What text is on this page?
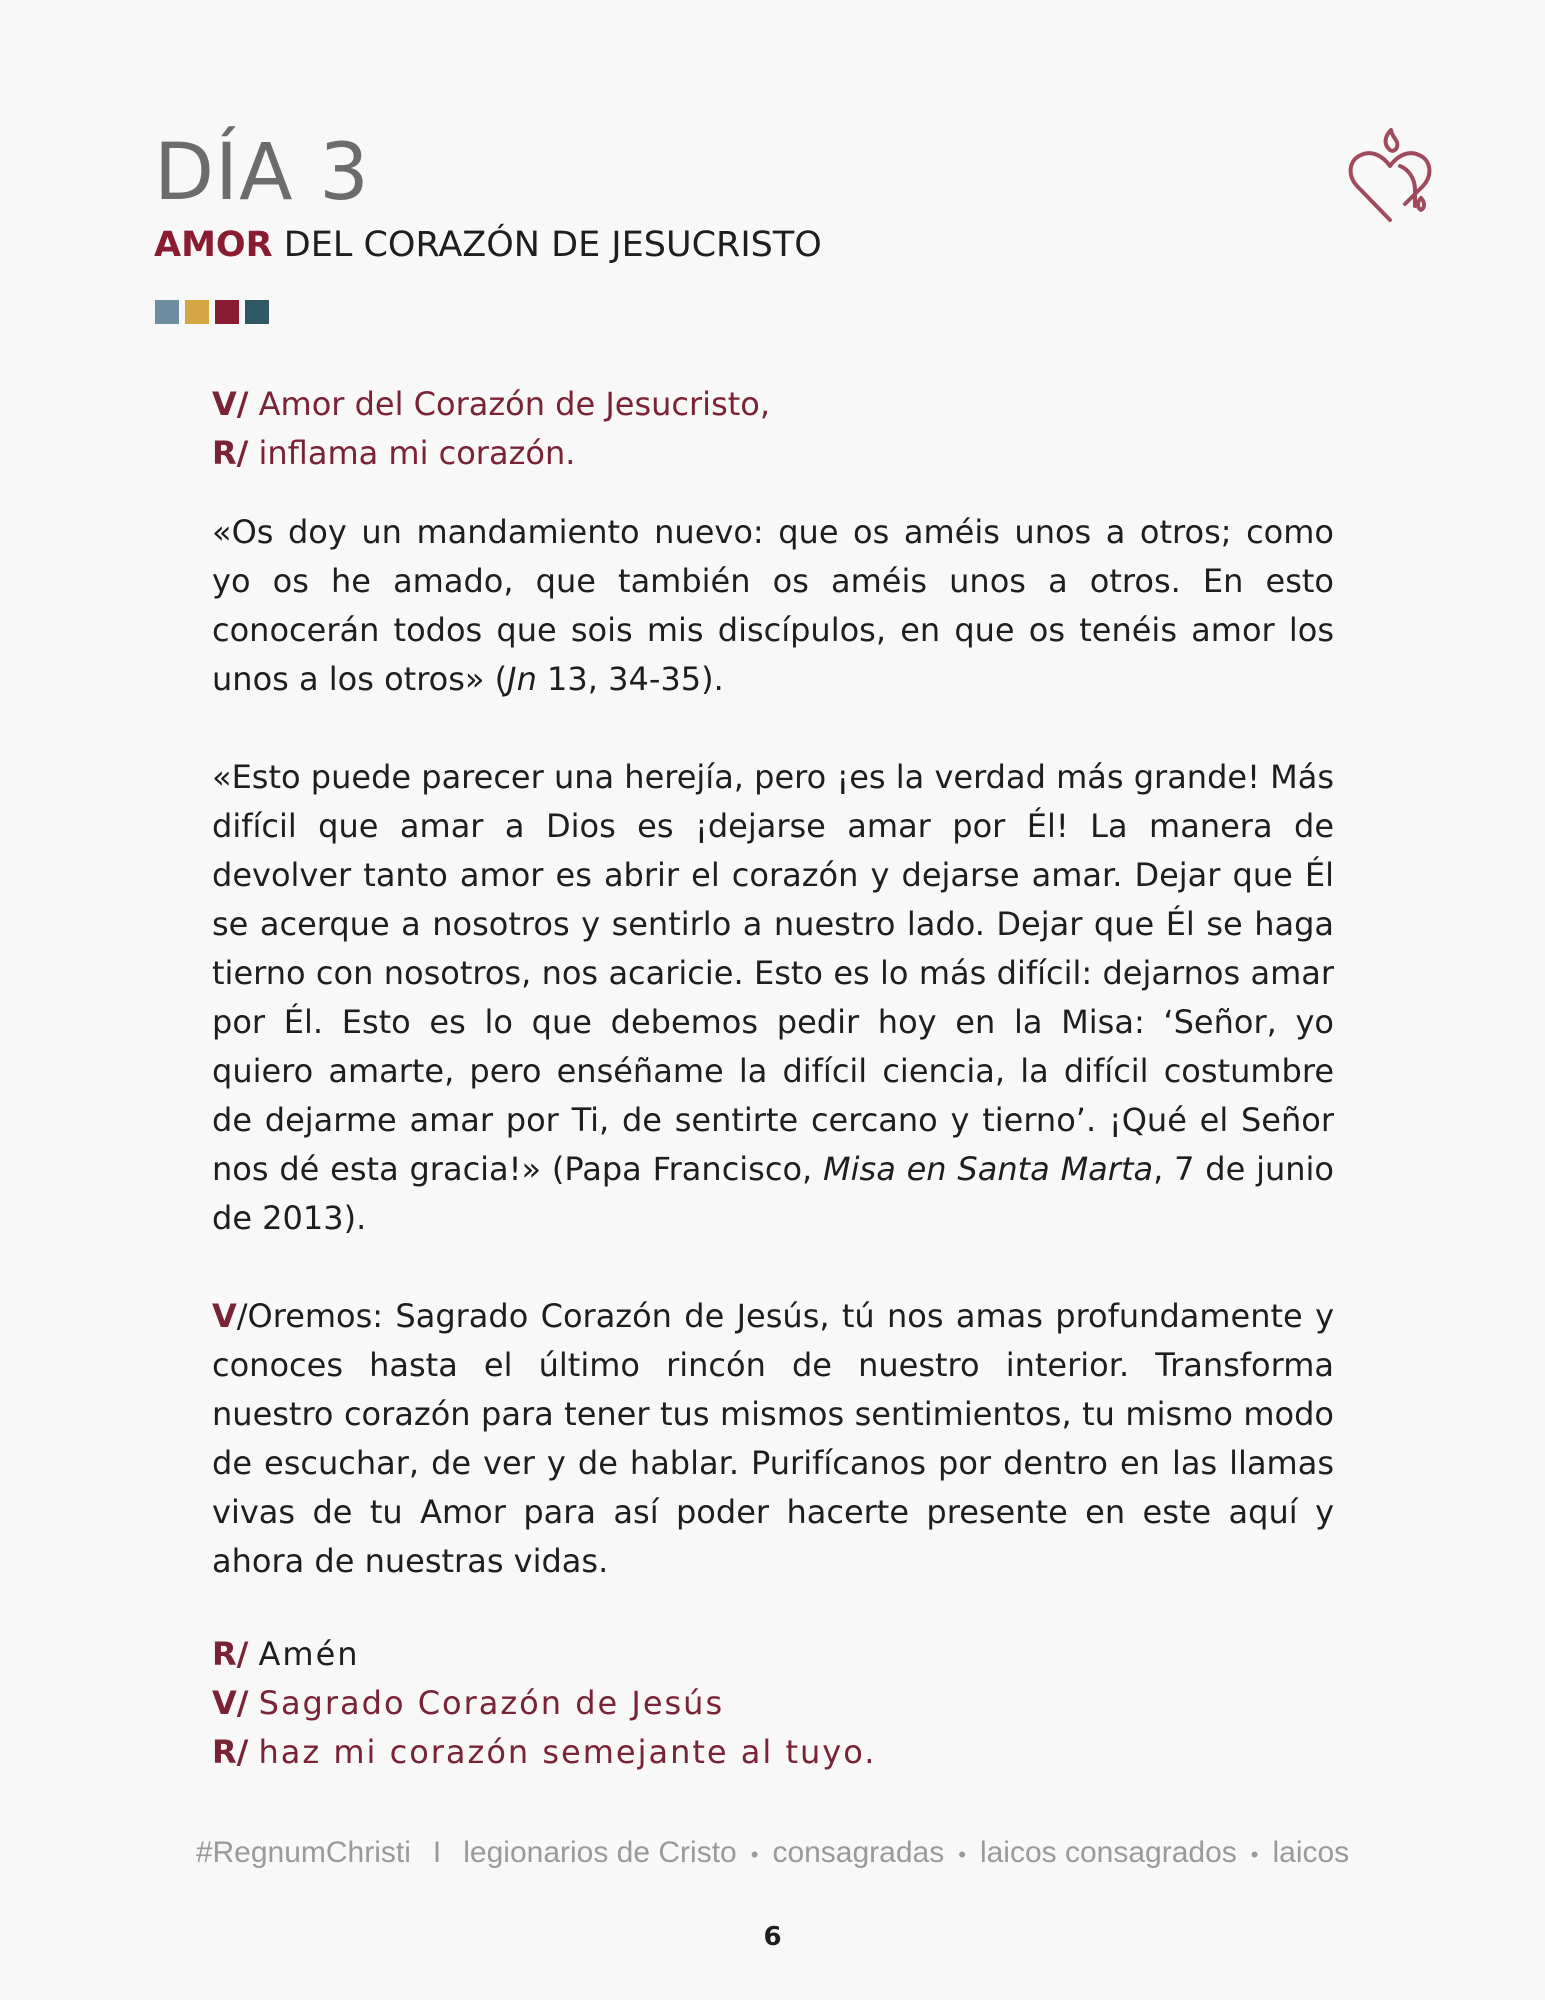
DÍA 3
AMOR DEL CORAZÓN DE JESUCRISTO

V/ Amor del Corazón de Jesucristo,

R/ inflama mi corazón.

«Os doy un mandamiento nuevo: que os améis unos a otros; como yo os he amado, que también os améis unos a otros. En esto conocerán todos que sois mis discípulos, en que os tenéis amor los unos a los otros» (Jn 13, 34-35).

«Esto puede parecer una herejía, pero ¡es la verdad más grande! Más difícil que amar a Dios es ¡dejarse amar por Él! La manera de devolver tanto amor es abrir el corazón y dejarse amar. Dejar que Él se acerque a nosotros y sentirlo a nuestro lado. Dejar que Él se haga tierno con nosotros, nos acaricie. Esto es lo más difícil: dejarnos amar por Él. Esto es lo que debemos pedir hoy en la Misa: ‘Señor, yo quiero amarte, pero enséñame la difícil ciencia, la difícil costumbre de dejarme amar por Ti, de sentirte cercano y tierno’. ¡Qué el Señor nos dé esta gracia!» (Papa Francisco, Misa en Santa Marta, 7 de junio de 2013).

V/Oremos: Sagrado Corazón de Jesús, tú nos amas profundamente y conoces hasta el último rincón de nuestro interior. Transforma nuestro corazón para tener tus mismos sentimientos, tu mismo modo de escuchar, de ver y de hablar. Purifícanos por dentro en las llamas vivas de tu Amor para así poder hacerte presente en este aquí y ahora de nuestras vidas.

R/ Amén

V/ Sagrado Corazón de Jesús

R/ haz mi corazón semejante al tuyo.

#RegnumChristi I legionarios de Cristo • consagradas • laicos consagrados • laicos
6
